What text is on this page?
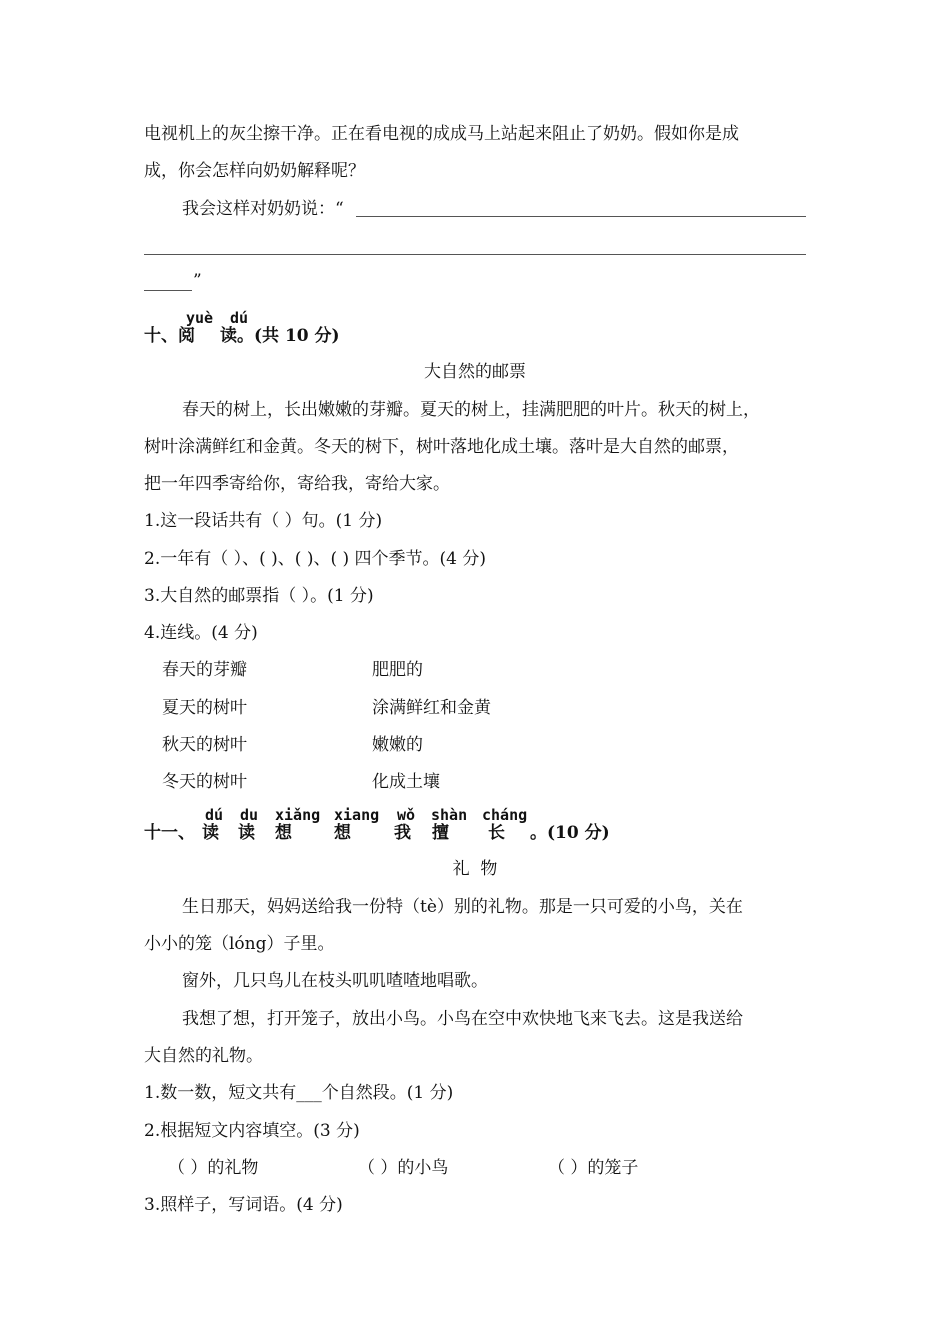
电视机上的灰尘擦干净。正在看电视的成成马上站起来阻止了奶奶。假如你是成
成，你会怎样向奶奶解释呢？
我会这样对奶奶说：“
”
yuè dú
十、阅 读。(共 10 分)
大自然的邮票
春天的树上，长出嫩嫩的芽瓣。夏天的树上，挂满肥肥的叶片。秋天的树上，
树叶涂满鲜红和金黄。冬天的树下，树叶落地化成土壤。落叶是大自然的邮票，
把一年四季寄给你，寄给我，寄给大家。
1.这一段话共有（ ）句。(1 分)
2.一年有（ ）、( )、( )、( ) 四个季节。(4 分)
3.大自然的邮票指（ ）。(1 分)
4.连线。(4 分)
春天的芽瓣	肥肥的
夏天的树叶	涂满鲜红和金黄
秋天的树叶	嫩嫩的
冬天的树叶	化成土壤
dú du xiǎng xiang wǒ shàn cháng
十一、 读 读 想 想	我 擅 长 。(10 分)
礼  物
生日那天，妈妈送给我一份特（tè）别的礼物。那是一只可爱的小鸟，关在
小小的笼（lóng）子里。
窗外，几只鸟儿在枝头叽叽喳喳地唱歌。
我想了想，打开笼子，放出小鸟。小鸟在空中欢快地飞来飞去。这是我送给
大自然的礼物。
1.数一数，短文共有___个自然段。(1 分)
2.根据短文内容填空。(3 分)
（ ）的礼物	（ ）的小鸟	（ ）的笼子
3.照样子，写词语。(4 分)
